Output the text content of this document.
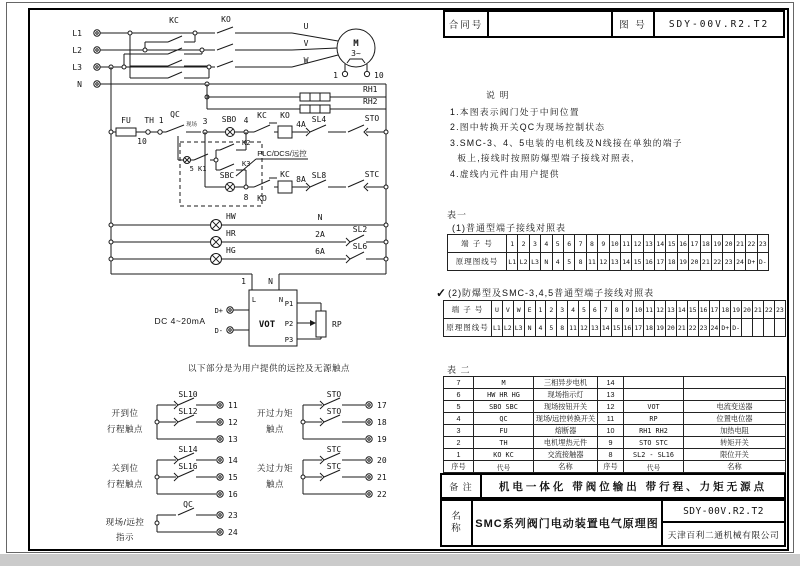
L1
L2
L3
N
KC	KO
U
V
W
M
3~
1	10
RH1
RH2
FU TH 1
10
QC
现场 3 SBO 4
KC KO
4A
SL4	STO
5 K1
K2
K3
PLC/DCS/远控
SBC
8 KO
KC
8A SL8	STC
HW
HR
HG
N
2A
SL2
6A
SL6
1	N
L	N
VOT
P1
P2
P3
RP
D+
D-
DC 4~20mA
以下部分是为用户提供的远控及无源触点
SL10
SL12
11
12
13
开到位
行程触点
SL14
SL16
14
15
16
关到位
行程触点
QC
23
24
现场/远控
指示
STO
STO
17
18
19
开过力矩
触点
STC
STC
20
21
22
关过力矩
触点
合同号	图 号	SDY-00V.R2.T2
说 明
1.本图表示阀门处于中间位置
2.图中转换开关QC为现场控制状态
3.SMC-3、4、5电装的电机线及N线接在单独的端子
板上,接线时按照防爆型端子接线对照表,
4.虚线内元件由用户提供
表一
(1)普通型端子接线对照表
端 子 号	1	2	3	4	5	6	7	8	9	10	11	12	13	14	15	16	17	18	19	20	21	22	23
原理图线号	L1	L2	L3	N	4	5	8	11	12	13	14	15	16	17	18	19	20	21	22	23	24	D+	D-
✓(2)防爆型及SMC-3,4,5普通型端子接线对照表
端 子 号	U	V	W	E	1	2	3	4	5	6	7	8	9	10	11	12	13	14	15	16	17	18	19	20	21	22	23
原理图线号	L1	L2	L3	N	4	5	8	11	12	13	14	15	16	17	18	19	20	21	22	23	24	D+	D-				
表 二
7	M	三相异步电机	14		
6	HW HR HG	现场指示灯	13		
5	SBO SBC	现场按钮开关	12	VOT	电流变送器
4	QC	现场/远控转换开关	11	RP	位置电位器
3	FU	熔断器	10	RH1 RH2	加热电阻
2	TH	电机埋热元件	9	STO STC	转矩开关
1	KO KC	交流接触器	8	SL2 - SL16	限位开关
序号	代号	名称	序号	代号	名称
备 注	机电一体化 带阀位输出 带行程、力矩无源点
名称 SMC系列阀门电动装置电气原理图
SDY-00V.R2.T2
天津百利二通机械有限公司
